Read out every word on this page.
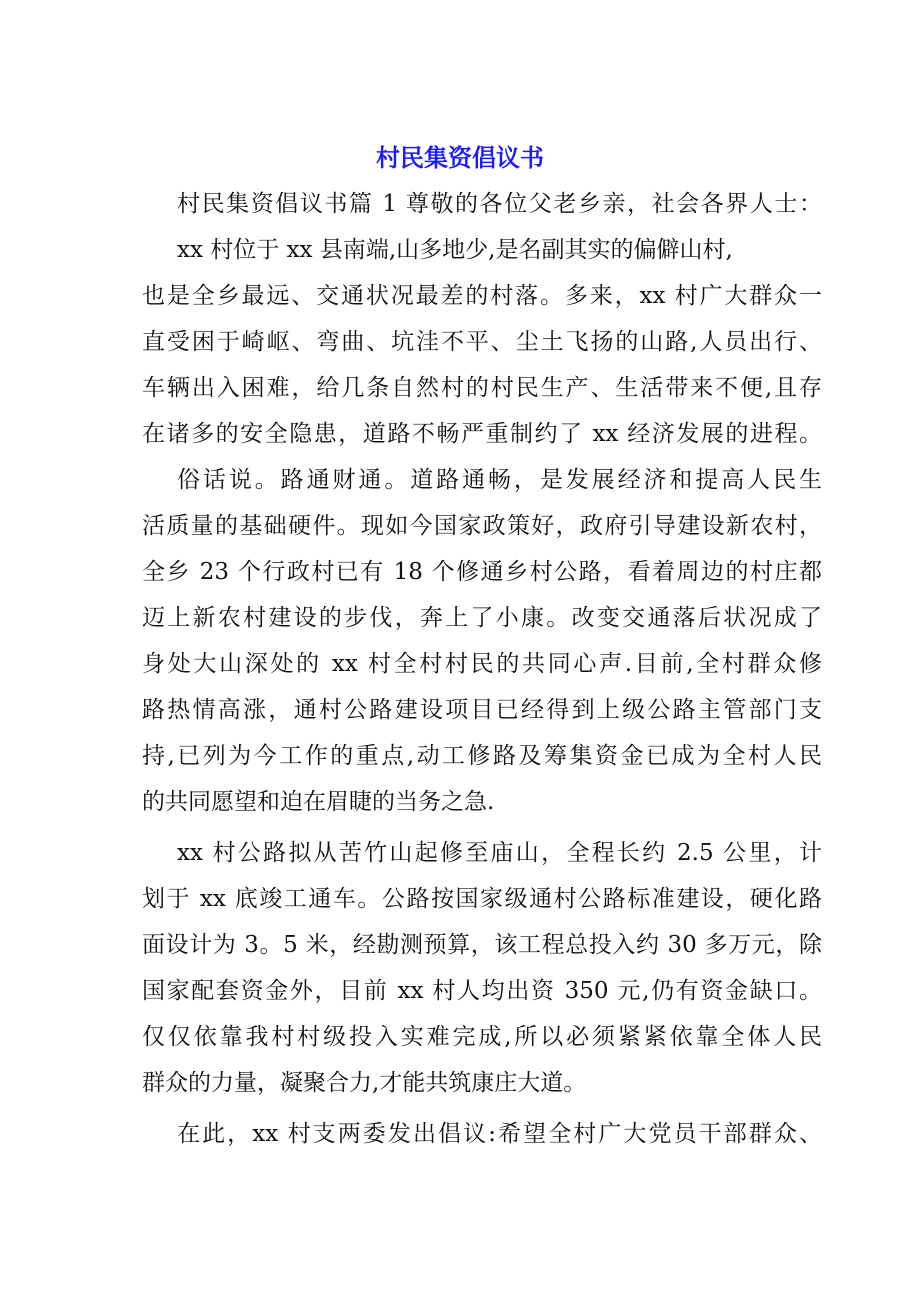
村民集资倡议书
村民集资倡议书篇 1 尊敬的各位父老乡亲，社会各界人士：
xx 村位于 xx 县南端,山多地少,是名副其实的偏僻山村,
也是全乡最远、交通状况最差的村落。多来，xx 村广大群众一
直受困于崎岖、弯曲、坑洼不平、尘土飞扬的山路,人员出行、
车辆出入困难，给几条自然村的村民生产、生活带来不便,且存
在诸多的安全隐患，道路不畅严重制约了 xx 经济发展的进程。
俗话说。路通财通。道路通畅，是发展经济和提高人民生
活质量的基础硬件。现如今国家政策好，政府引导建设新农村，
全乡 23 个行政村已有 18 个修通乡村公路，看着周边的村庄都
迈上新农村建设的步伐，奔上了小康。改变交通落后状况成了
身处大山深处的 xx 村全村村民的共同心声.目前,全村群众修
路热情高涨，通村公路建设项目已经得到上级公路主管部门支
持,已列为今工作的重点,动工修路及筹集资金已成为全村人民
的共同愿望和迫在眉睫的当务之急.
xx 村公路拟从苦竹山起修至庙山，全程长约 2.5 公里，计
划于 xx 底竣工通车。公路按国家级通村公路标准建设，硬化路
面设计为 3。5 米，经勘测预算，该工程总投入约 30 多万元，除
国家配套资金外，目前 xx 村人均出资 350 元,仍有资金缺口。
仅仅依靠我村村级投入实难完成,所以必须紧紧依靠全体人民
群众的力量，凝聚合力,才能共筑康庄大道。
在此，xx 村支两委发出倡议:希望全村广大党员干部群众、
